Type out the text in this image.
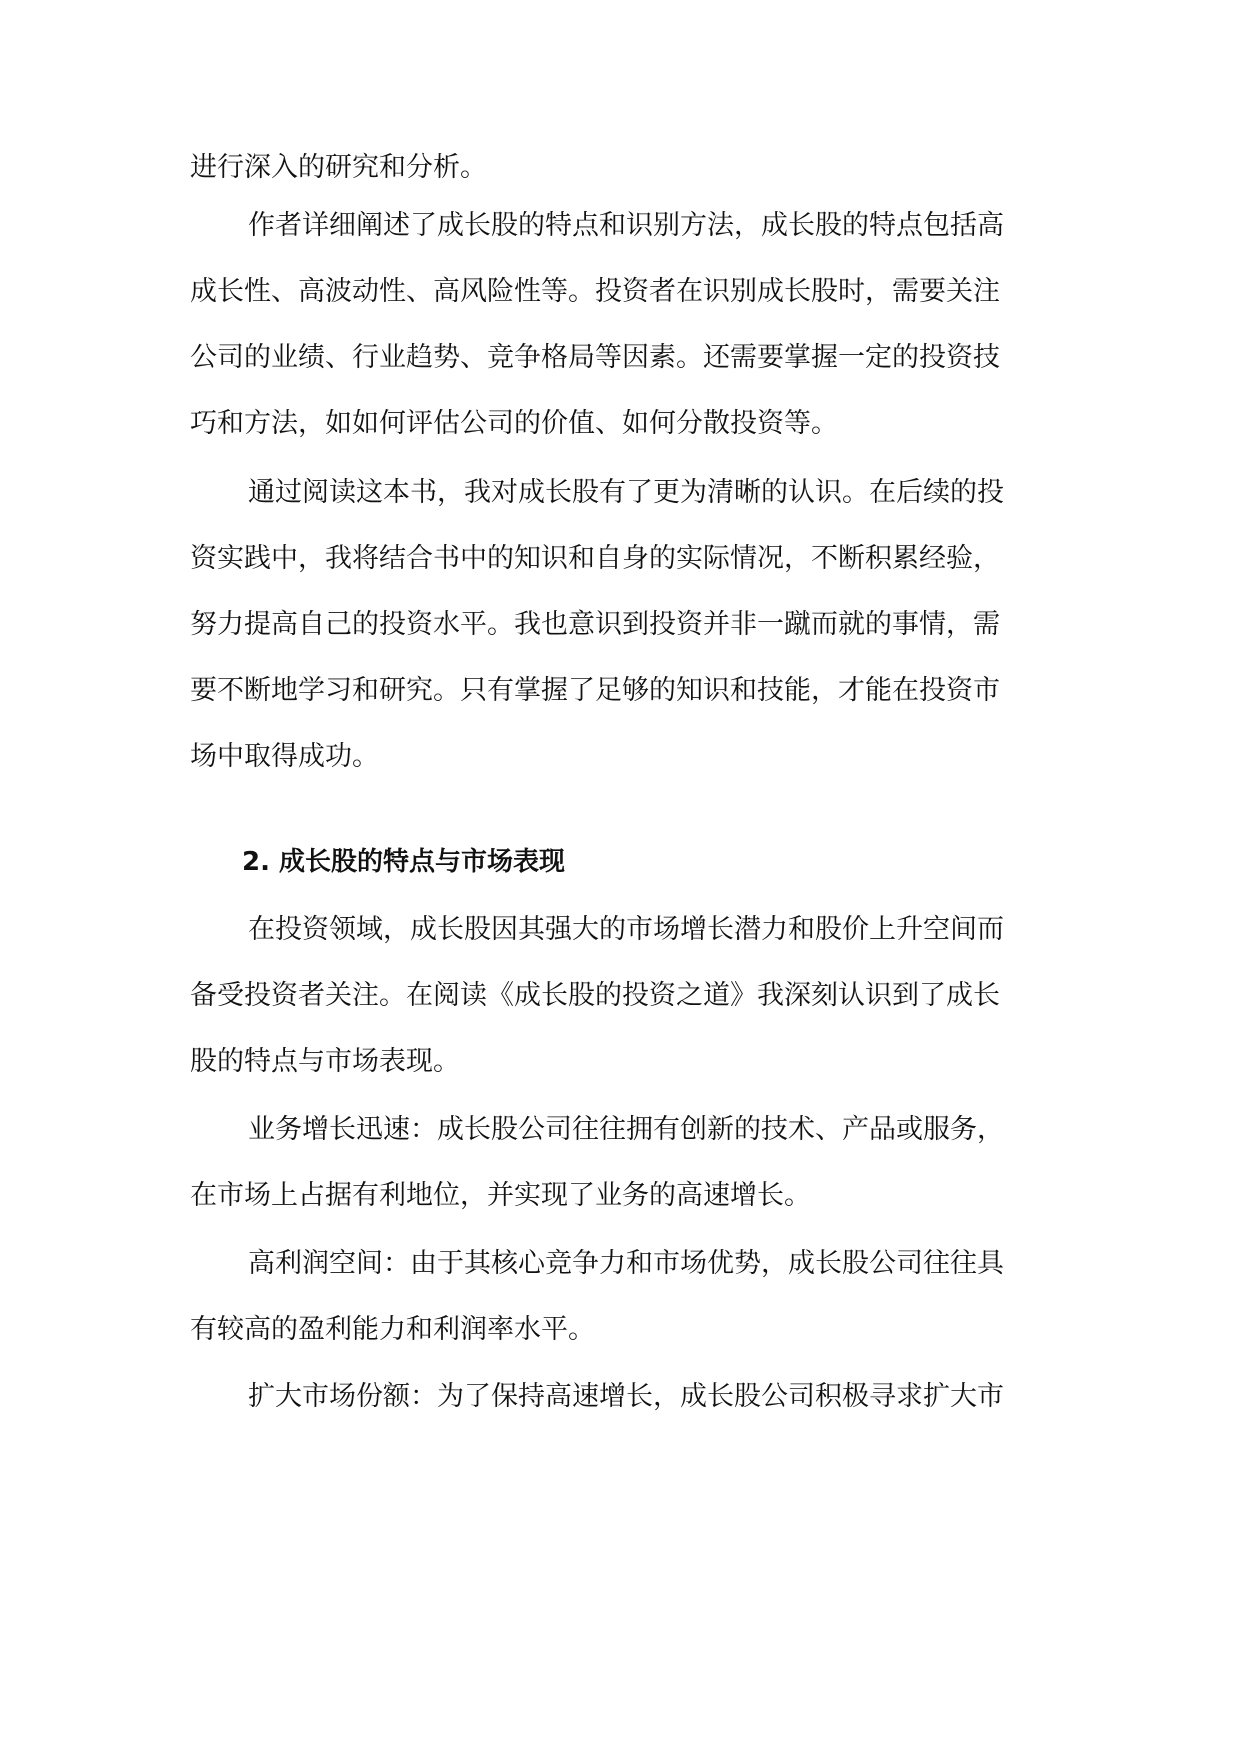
进行深入的研究和分析。
作者详细阐述了成长股的特点和识别方法，成长股的特点包括高
成长性、高波动性、高风险性等。投资者在识别成长股时，需要关注
公司的业绩、行业趋势、竞争格局等因素。还需要掌握一定的投资技
巧和方法，如如何评估公司的价值、如何分散投资等。
通过阅读这本书，我对成长股有了更为清晰的认识。在后续的投
资实践中，我将结合书中的知识和自身的实际情况，不断积累经验，
努力提高自己的投资水平。我也意识到投资并非一蹴而就的事情，需
要不断地学习和研究。只有掌握了足够的知识和技能，才能在投资市
场中取得成功。
2. 成长股的特点与市场表现
在投资领域，成长股因其强大的市场增长潜力和股价上升空间而
备受投资者关注。在阅读《成长股的投资之道》我深刻认识到了成长
股的特点与市场表现。
业务增长迅速：成长股公司往往拥有创新的技术、产品或服务，
在市场上占据有利地位，并实现了业务的高速增长。
高利润空间：由于其核心竞争力和市场优势，成长股公司往往具
有较高的盈利能力和利润率水平。
扩大市场份额：为了保持高速增长，成长股公司积极寻求扩大市
